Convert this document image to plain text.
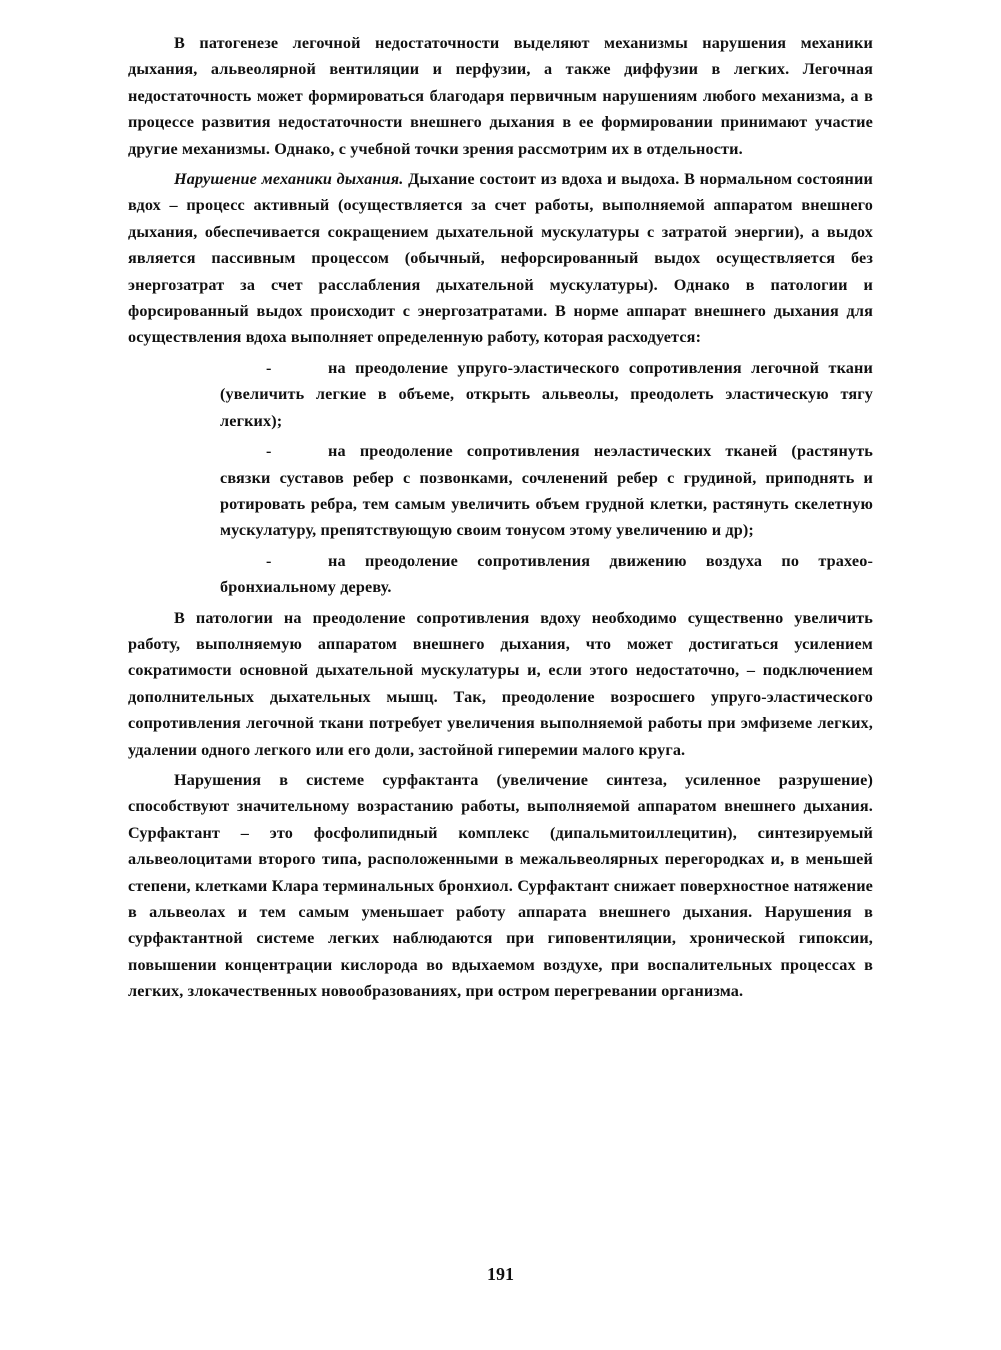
В патогенезе легочной недостаточности выделяют механизмы нарушения механики дыхания, альвеолярной вентиляции и перфузии, а также диффузии в легких. Легочная недостаточность может формироваться благодаря первичным нарушениям любого механизма, а в процессе развития недостаточности внешнего дыхания в ее формировании принимают участие другие механизмы. Однако, с учебной точки зрения рассмотрим их в отдельности.

Нарушение механики дыхания. Дыхание состоит из вдоха и выдоха. В нормальном состоянии вдох – процесс активный (осуществляется за счет работы, выполняемой аппаратом внешнего дыхания, обеспечивается сокращением дыхательной мускулатуры с затратой энергии), а выдох является пассивным процессом (обычный, нефорсированный выдох осуществляется без энергозатрат за счет расслабления дыхательной мускулатуры). Однако в патологии и форсированный выдох происходит с энергозатратами. В норме аппарат внешнего дыхания для осуществления вдоха выполняет определенную работу, которая расходуется:

-	на преодоление упруго-эластического сопротивления легочной ткани (увеличить легкие в объеме, открыть альвеолы, преодолеть эластическую тягу легких);
-	на преодоление сопротивления неэластических тканей (растянуть связки суставов ребер с позвонками, сочленений ребер с грудиной, приподнять и ротировать ребра, тем самым увеличить объем грудной клетки, растянуть скелетную мускулатуру, препятствующую своим тонусом этому увеличению и др);
-	на преодоление сопротивления движению воздуха по трахео-бронхиальному дереву.

В патологии на преодоление сопротивления вдоху необходимо существенно увеличить работу, выполняемую аппаратом внешнего дыхания, что может достигаться усилением сократимости основной дыхательной мускулатуры и, если этого недостаточно, – подключением дополнительных дыхательных мышц. Так, преодоление возросшего упруго-эластического сопротивления легочной ткани потребует увеличения выполняемой работы при эмфиземе легких, удалении одного легкого или его доли, застойной гиперемии малого круга.

Нарушения в системе сурфактанта (увеличение синтеза, усиленное разрушение) способствуют значительному возрастанию работы, выполняемой аппаратом внешнего дыхания. Сурфактант – это фосфолипидный комплекс (дипальмитоиллецитин), синтезируемый альвеолоцитами второго типа, расположенными в межальвеолярных перегородках и, в меньшей степени, клетками Клара терминальных бронхиол. Сурфактант снижает поверхностное натяжение в альвеолах и тем самым уменьшает работу аппарата внешнего дыхания. Нарушения в сурфактантной системе легких наблюдаются при гиповентиляции, хронической гипоксии, повышении концентрации кислорода во вдыхаемом воздухе, при воспалительных процессах в легких, злокачественных новообразованиях, при остром перегревании организма.

191
